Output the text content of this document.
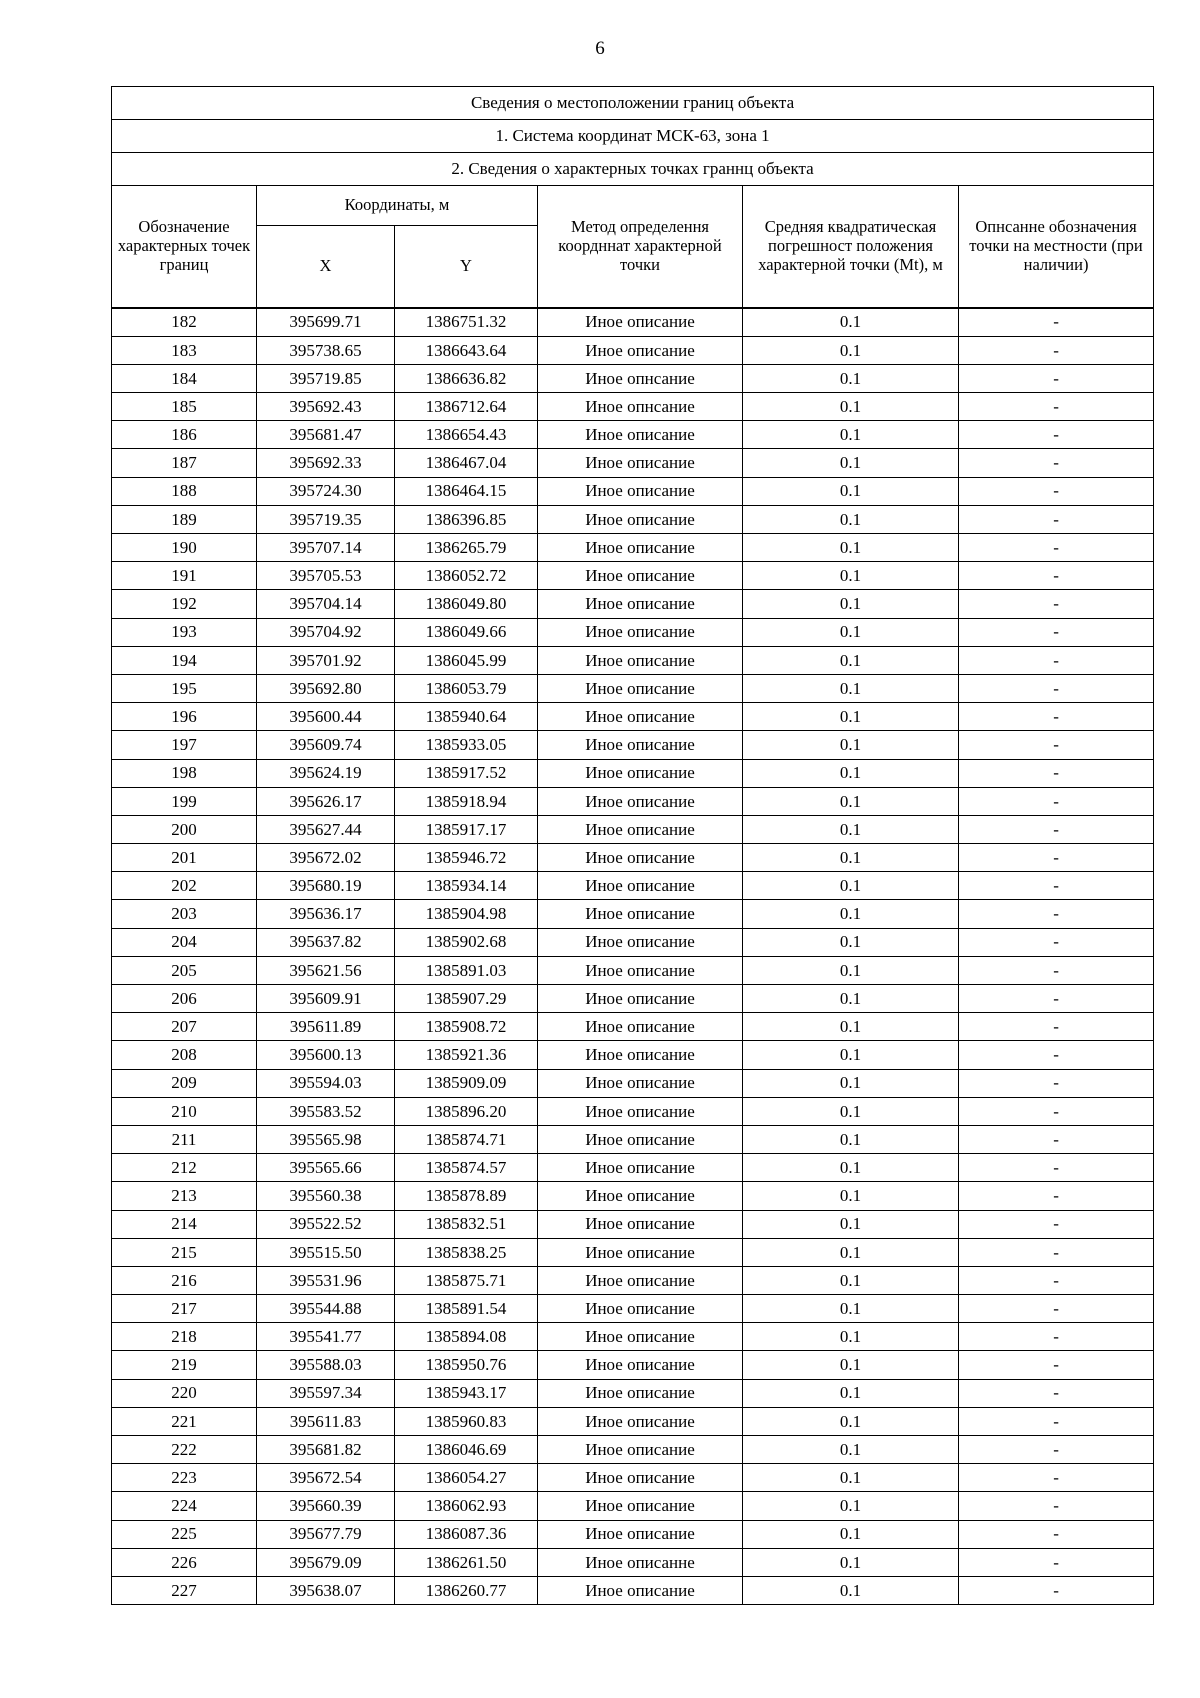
6
Сведения о местоположении границ объекта					
1. Система координат МСК-63, зона 1					
2. Сведения о характерных точках граннц объекта					
Обозначение характерных точек границ	Координаты, м		Метод определення коордннат характерной точки	Средняя квадратическая погрешност положения характерной точки (Mt), м	Опнсанне обозначения точки на местности (при наличии)
	X	Y			
182	395699.71	1386751.32	Иное описание	0.1	-
183	395738.65	1386643.64	Иное описание	0.1	-
184	395719.85	1386636.82	Иное опнсание	0.1	-
185	395692.43	1386712.64	Иное опнсание	0.1	-
186	395681.47	1386654.43	Иное описание	0.1	-
187	395692.33	1386467.04	Иное описание	0.1	-
188	395724.30	1386464.15	Иное описание	0.1	-
189	395719.35	1386396.85	Иное описание	0.1	-
190	395707.14	1386265.79	Иное описание	0.1	-
191	395705.53	1386052.72	Иное описание	0.1	-
192	395704.14	1386049.80	Иное описание	0.1	-
193	395704.92	1386049.66	Иное описание	0.1	-
194	395701.92	1386045.99	Иное описание	0.1	-
195	395692.80	1386053.79	Иное описание	0.1	-
196	395600.44	1385940.64	Иное описание	0.1	-
197	395609.74	1385933.05	Иное описание	0.1	-
198	395624.19	1385917.52	Иное описание	0.1	-
199	395626.17	1385918.94	Иное описание	0.1	-
200	395627.44	1385917.17	Иное описание	0.1	-
201	395672.02	1385946.72	Иное описание	0.1	-
202	395680.19	1385934.14	Иное описание	0.1	-
203	395636.17	1385904.98	Иное описание	0.1	-
204	395637.82	1385902.68	Иное описание	0.1	-
205	395621.56	1385891.03	Иное описание	0.1	-
206	395609.91	1385907.29	Иное описание	0.1	-
207	395611.89	1385908.72	Иное описание	0.1	-
208	395600.13	1385921.36	Иное описание	0.1	-
209	395594.03	1385909.09	Иное описание	0.1	-
210	395583.52	1385896.20	Иное описание	0.1	-
211	395565.98	1385874.71	Иное описание	0.1	-
212	395565.66	1385874.57	Иное описание	0.1	-
213	395560.38	1385878.89	Иное описание	0.1	-
214	395522.52	1385832.51	Иное описание	0.1	-
215	395515.50	1385838.25	Иное описание	0.1	-
216	395531.96	1385875.71	Иное описание	0.1	-
217	395544.88	1385891.54	Иное описание	0.1	-
218	395541.77	1385894.08	Иное описание	0.1	-
219	395588.03	1385950.76	Иное описание	0.1	-
220	395597.34	1385943.17	Иное описание	0.1	-
221	395611.83	1385960.83	Иное описание	0.1	-
222	395681.82	1386046.69	Иное описание	0.1	-
223	395672.54	1386054.27	Иное описание	0.1	-
224	395660.39	1386062.93	Иное описание	0.1	-
225	395677.79	1386087.36	Иное описание	0.1	-
226	395679.09	1386261.50	Иное описанне	0.1	-
227	395638.07	1386260.77	Иное описание	0.1	-
